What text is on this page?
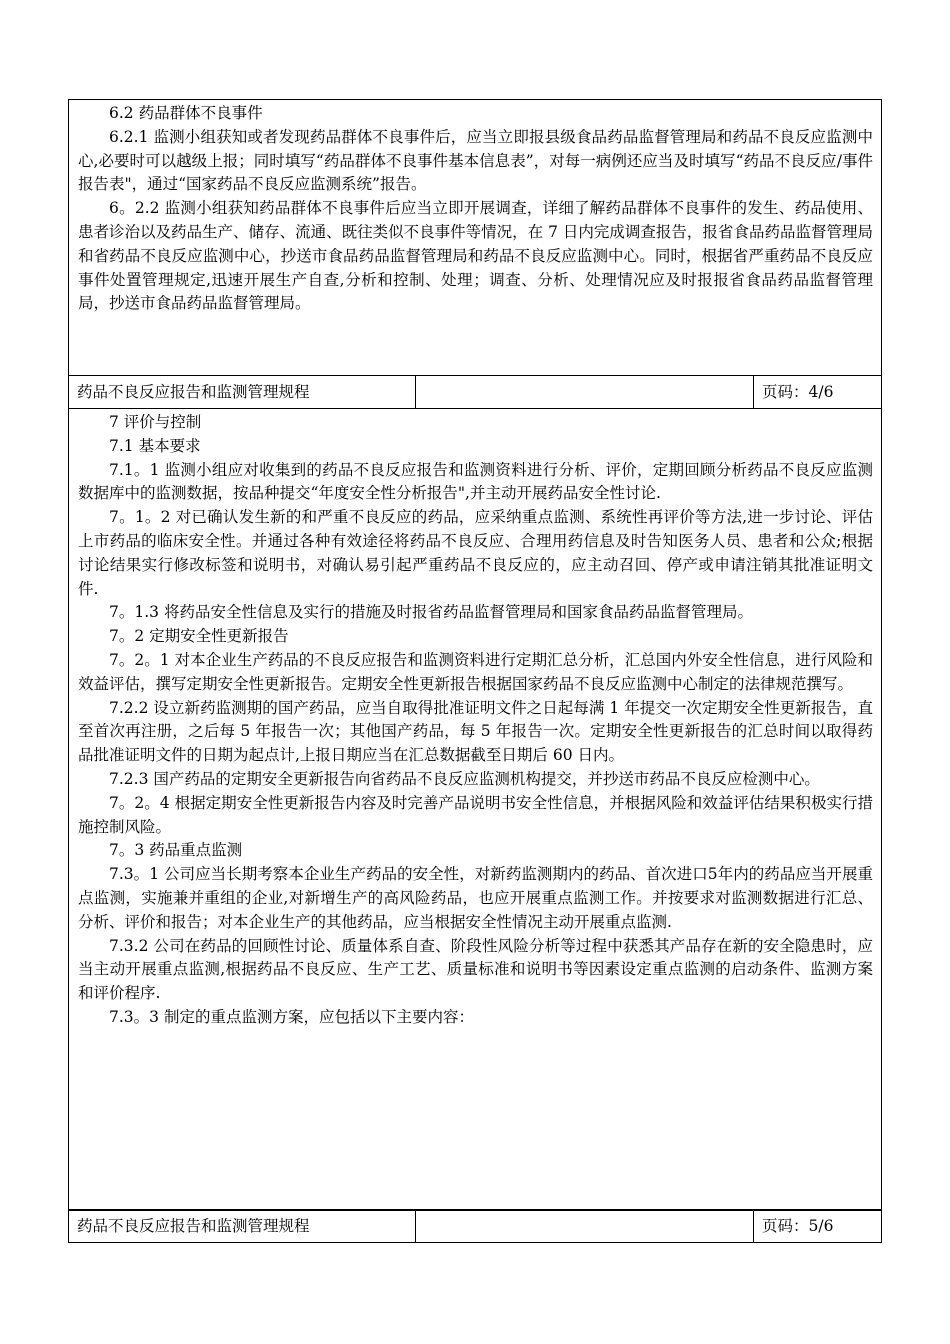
6.2 药品群体不良事件

6.2.1 监测小组获知或者发现药品群体不良事件后，应当立即报县级食品药品监督管理局和药品不良反应监测中心,必要时可以越级上报；同时填写“药品群体不良事件基本信息表”，对每一病例还应当及时填写“药品不良反应/事件报告表"，通过“国家药品不良反应监测系统”报告。

6。2.2 监测小组获知药品群体不良事件后应当立即开展调查，详细了解药品群体不良事件的发生、药品使用、患者诊治以及药品生产、储存、流通、既往类似不良事件等情况，在 7 日内完成调查报告，报省食品药品监督管理局和省药品不良反应监测中心，抄送市食品药品监督管理局和药品不良反应监测中心。同时，根据省严重药品不良反应事件处置管理规定,迅速开展生产自查,分析和控制、处理；调查、分析、处理情况应及时报报省食品药品监督管理局，抄送市食品药品监督管理局。

药品不良反应报告和监测管理规程	页码：4/6

7 评价与控制

7.1 基本要求

7.1。1 监测小组应对收集到的药品不良反应报告和监测资料进行分析、评价，定期回顾分析药品不良反应监测数据库中的监测数据，按品种提交“年度安全性分析报告",并主动开展药品安全性讨论.

7。1。2 对已确认发生新的和严重不良反应的药品，应采纳重点监测、系统性再评价等方法,进一步讨论、评估上市药品的临床安全性。并通过各种有效途径将药品不良反应、合理用药信息及时告知医务人员、患者和公众;根据讨论结果实行修改标签和说明书，对确认易引起严重药品不良反应的，应主动召回、停产或申请注销其批准证明文件.

7。1.3 将药品安全性信息及实行的措施及时报省药品监督管理局和国家食品药品监督管理局。

7。2 定期安全性更新报告

7。2。1 对本企业生产药品的不良反应报告和监测资料进行定期汇总分析，汇总国内外安全性信息，进行风险和效益评估，撰写定期安全性更新报告。定期安全性更新报告根据国家药品不良反应监测中心制定的法律规范撰写。

7.2.2 设立新药监测期的国产药品，应当自取得批准证明文件之日起每满 1 年提交一次定期安全性更新报告，直至首次再注册，之后每 5 年报告一次；其他国产药品，每 5 年报告一次。定期安全性更新报告的汇总时间以取得药品批准证明文件的日期为起点计,上报日期应当在汇总数据截至日期后 60 日内。

7.2.3 国产药品的定期安全更新报告向省药品不良反应监测机构提交，并抄送市药品不良反应检测中心。

7。2。4 根据定期安全性更新报告内容及时完善产品说明书安全性信息，并根据风险和效益评估结果积极实行措施控制风险。

7。3 药品重点监测

7.3。1 公司应当长期考察本企业生产药品的安全性，对新药监测期内的药品、首次进口5年内的药品应当开展重点监测，实施兼并重组的企业,对新增生产的高风险药品，也应开展重点监测工作。并按要求对监测数据进行汇总、分析、评价和报告；对本企业生产的其他药品，应当根据安全性情况主动开展重点监测.

7.3.2 公司在药品的回顾性讨论、质量体系自查、阶段性风险分析等过程中获悉其产品存在新的安全隐患时，应当主动开展重点监测,根据药品不良反应、生产工艺、质量标准和说明书等因素设定重点监测的启动条件、监测方案和评价程序.

7.3。3 制定的重点监测方案，应包括以下主要内容：

药品不良反应报告和监测管理规程	页码：5/6
